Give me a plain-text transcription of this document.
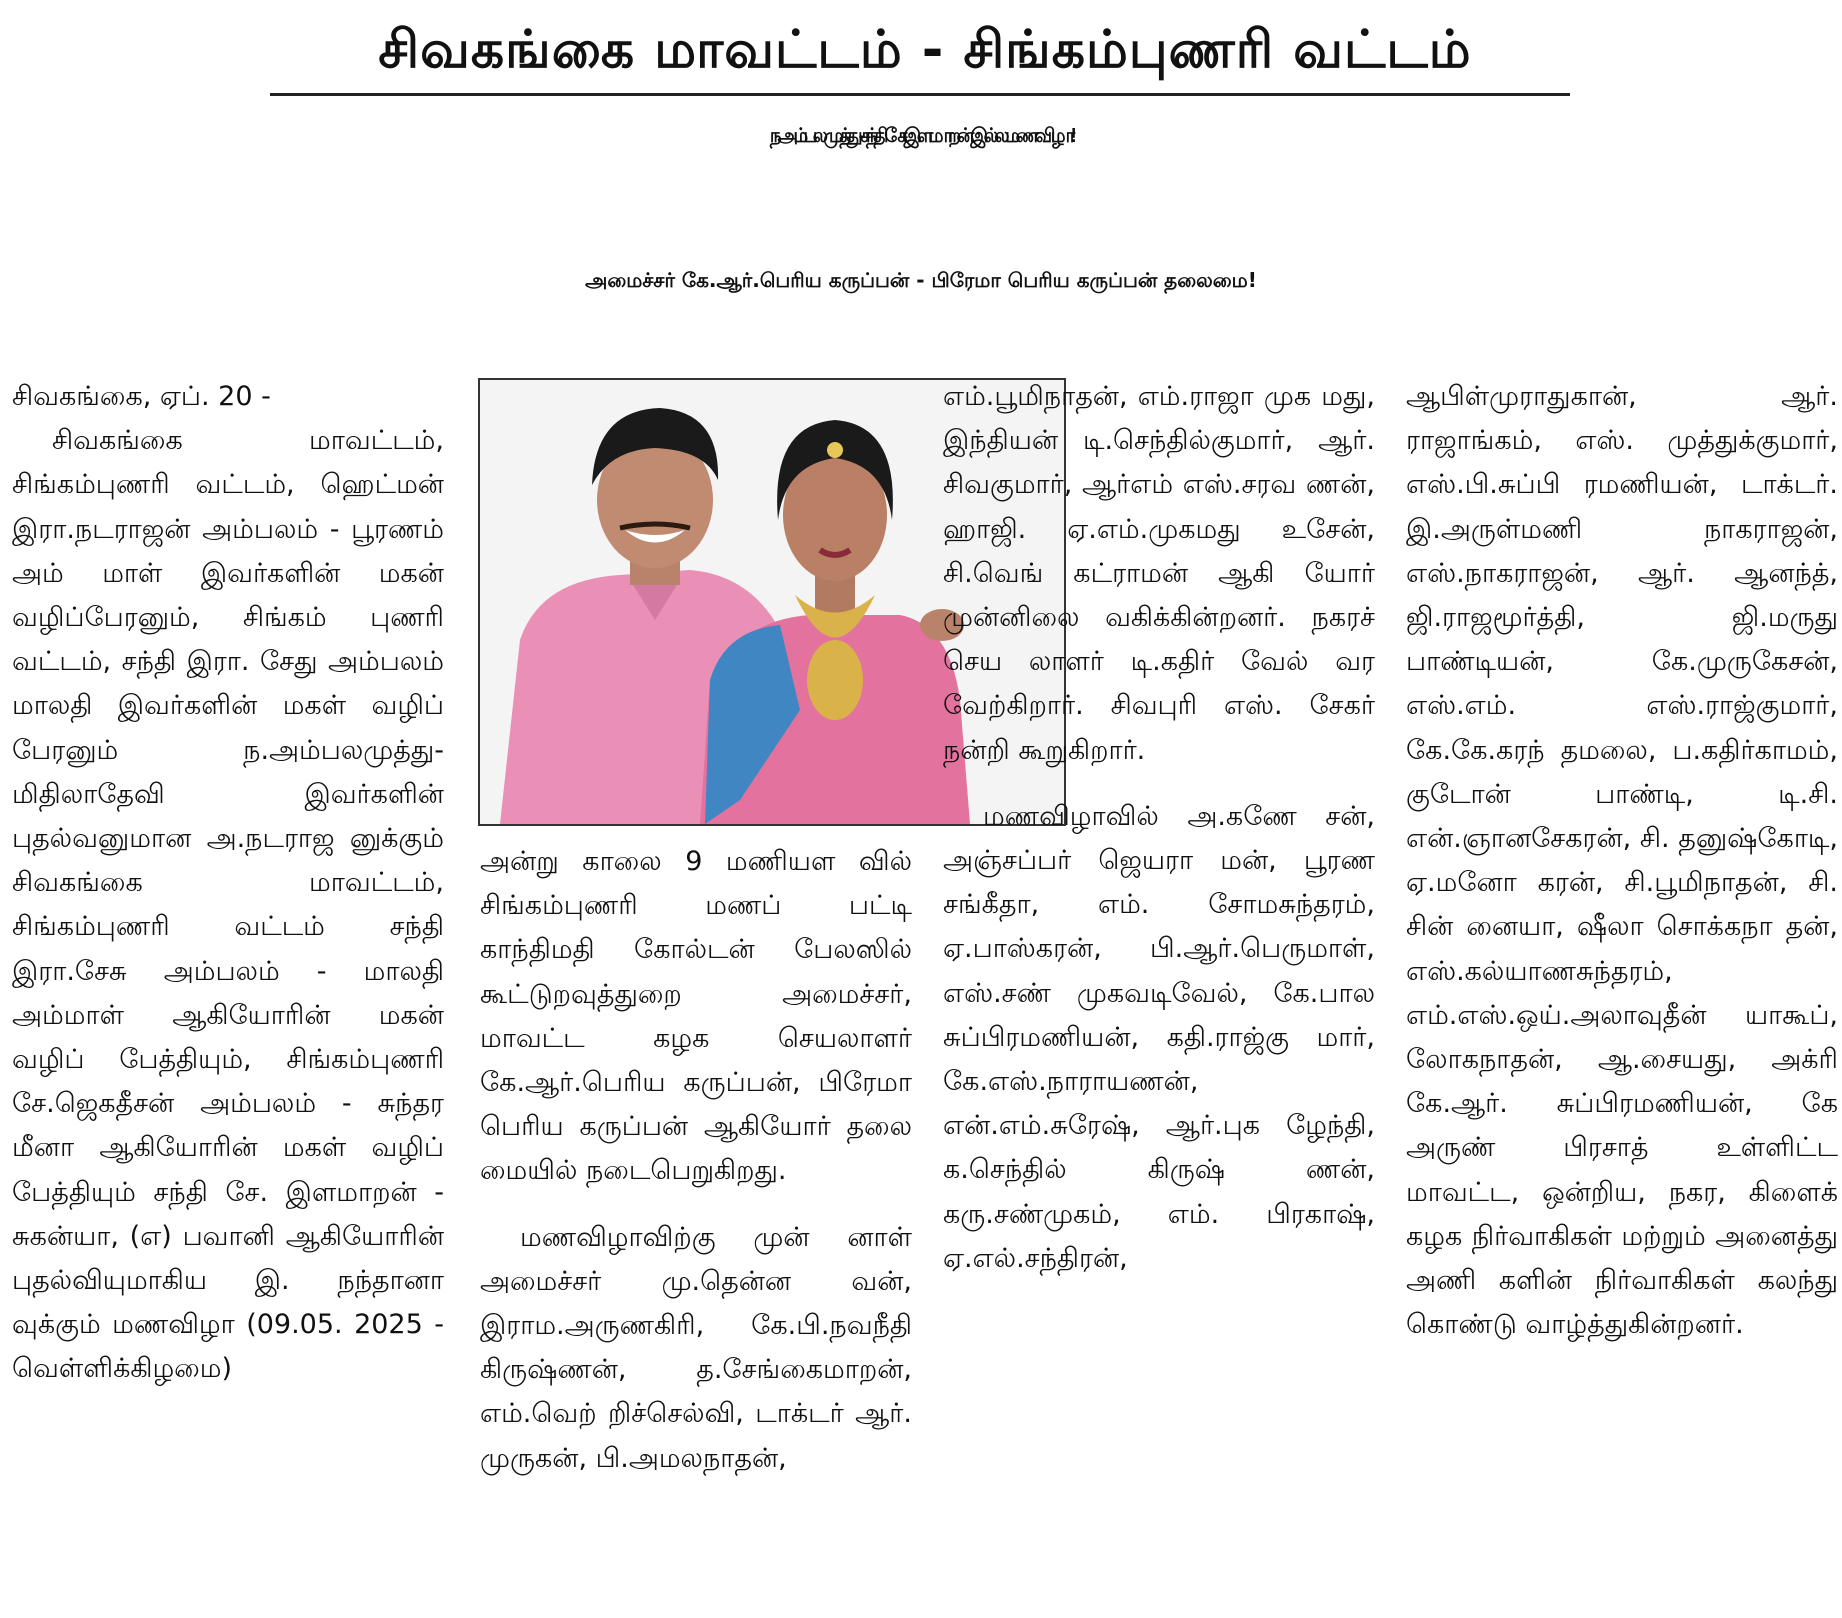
சிவகங்கை மாவட்டம் - சிங்கம்புணரி வட்டம்
ந.அம்பலமுத்து - சந்தி சே.இளமாறன் இல்ல மணவிழா!
அமைச்சர் கே.ஆர்.பெரிய கருப்பன் - பிரேமா பெரிய கருப்பன் தலைமை!

சிவகங்கை, ஏப். 20 -

சிவகங்கை மாவட்டம், சிங்கம்புணரி வட்டம், ஹெட்மன் இரா.நடராஜன் அம்பலம் - பூரணம் அம் மாள் இவர்களின் மகன் வழிப்பேரனும், சிங்கம் புணரி வட்டம், சந்தி இரா. சேது அம்பலம் மாலதி இவர்களின் மகள் வழிப் பேரனும் ந.அம்பலமுத்து- மிதிலாதேவி இவர்களின் புதல்வனுமான அ.நடராஜ னுக்கும் சிவகங்கை மாவட்டம், சிங்கம்புணரி வட்டம் சந்தி இரா.சேசு அம்பலம் - மாலதி அம்மாள் ஆகியோரின் மகன் வழிப் பேத்தியும், சிங்கம்புணரி சே.ஜெகதீசன் அம்பலம் - சுந்தர மீனா ஆகியோரின் மகள் வழிப் பேத்தியும் சந்தி சே. இளமாறன் - சுகன்யா, (எ) பவானி ஆகியோரின் புதல்வியுமாகிய இ. நந்தானா வுக்கும் மணவிழா (09.05. 2025 - வெள்ளிக்கிழமை)

அன்று காலை 9 மணியள வில் சிங்கம்புணரி மணப் பட்டி காந்திமதி கோல்டன் பேலஸில் கூட்டுறவுத்துறை அமைச்சர், மாவட்ட கழக செயலாளர் கே.ஆர்.பெரிய கருப்பன், பிரேமா பெரிய கருப்பன் ஆகியோர் தலை மையில் நடைபெறுகிறது.

மணவிழாவிற்கு முன் னாள் அமைச்சர் மு.தென்ன வன், இராம.அருணகிரி, கே.பி.நவநீதி கிருஷ்ணன், த.சேங்கைமாறன், எம்.வெற் றிச்செல்வி, டாக்டர் ஆர். முருகன், பி.அமலநாதன்,

எம்.பூமிநாதன், எம்.ராஜா முக மது, இந்தியன் டி.செந்தில்குமார், ஆர். சிவகுமார், ஆர்எம் எஸ்.சரவ ணன், ஹாஜி. ஏ.எம்.முகமது உசேன், சி.வெங் கட்ராமன் ஆகி யோர் முன்னிலை வகிக்கின்றனர். நகரச் செய லாளர் டி.கதிர் வேல் வர வேற்கிறார். சிவபுரி எஸ். சேகர் நன்றி கூறுகிறார்.

மணவிழாவில் அ.கணே சன், அஞ்சப்பர் ஜெயரா மன், பூரண சங்கீதா, எம். சோமசுந்தரம், ஏ.பாஸ்கரன், பி.ஆர்.பெருமாள், எஸ்.சண் முகவடிவேல், கே.பால சுப்பிரமணியன், கதி.ராஜ்கு மார், கே.எஸ்.நாராயணன், என்.எம்.சுரேஷ், ஆர்.புக ழேந்தி, க.செந்தில் கிருஷ் ணன், கரு.சண்முகம், எம். பிரகாஷ், ஏ.எல்.சந்திரன்,

ஆபிள்முராதுகான், ஆர். ராஜாங்கம், எஸ். முத்துக்குமார், எஸ்.பி.சுப்பி ரமணியன், டாக்டர். இ.அருள்மணி நாகராஜன், எஸ்.நாகராஜன், ஆர். ஆனந்த், ஜி.ராஜமூர்த்தி, ஜி.மருது பாண்டியன், கே.முருகேசன், எஸ்.எம். எஸ்.ராஜ்குமார், கே.கே.கரந் தமலை, ப.கதிர்காமம், குடோன் பாண்டி, டி.சி. என்.ஞானசேகரன், சி. தனுஷ்கோடி, ஏ.மனோ கரன், சி.பூமிநாதன், சி. சின் னையா, ஷீலா சொக்கநா தன், எஸ்.கல்யாணசுந்தரம், எம்.எஸ்.ஒய்.அலாவுதீன் யாகூப், லோகநாதன், ஆ.சையது, அக்ரி கே.ஆர். சுப்பிரமணியன், கே அருண் பிரசாத் உள்ளிட்ட மாவட்ட, ஒன்றிய, நகர, கிளைக் கழக நிர்வாகிகள் மற்றும் அனைத்து அணி களின் நிர்வாகிகள் கலந்து கொண்டு வாழ்த்துகின்றனர்.
